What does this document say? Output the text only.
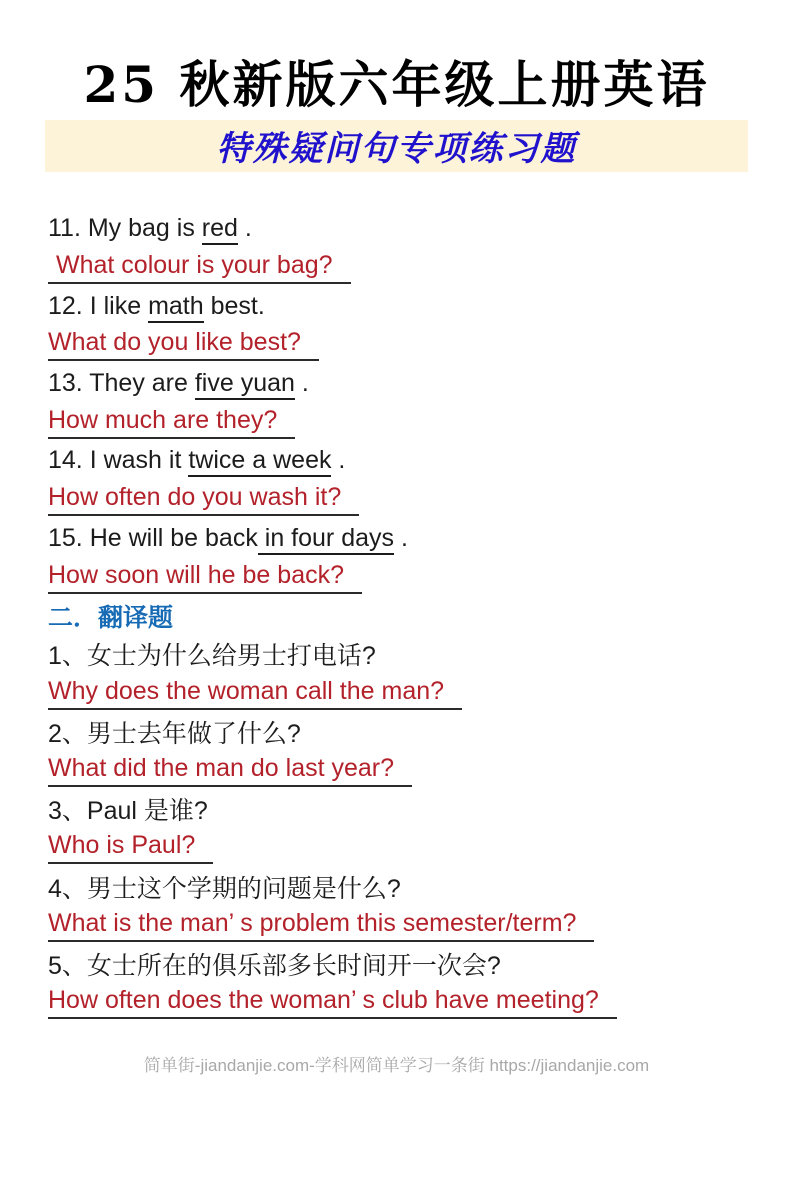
25 秋新版六年级上册英语
特殊疑问句专项练习题
11. My bag is red .
What colour is your bag?
12. I like math best.
What do you like best?
13. They are five yuan .
How much are they?
14. I wash it twice a week .
How often do you wash it?
15. He will be back in four days .
How soon will he be back?
二．翻译题
1、女士为什么给男士打电话?
Why does the woman call the man?
2、男士去年做了什么?
What did the man do last year?
3、Paul 是谁?
Who is Paul?
4、男士这个学期的问题是什么?
What is the man’ s problem this semester/term?
5、女士所在的俱乐部多长时间开一次会?
How often does the woman’ s club have meeting?
简单街-jiandanjie.com-学科网简单学习一条街 https://jiandanjie.com
